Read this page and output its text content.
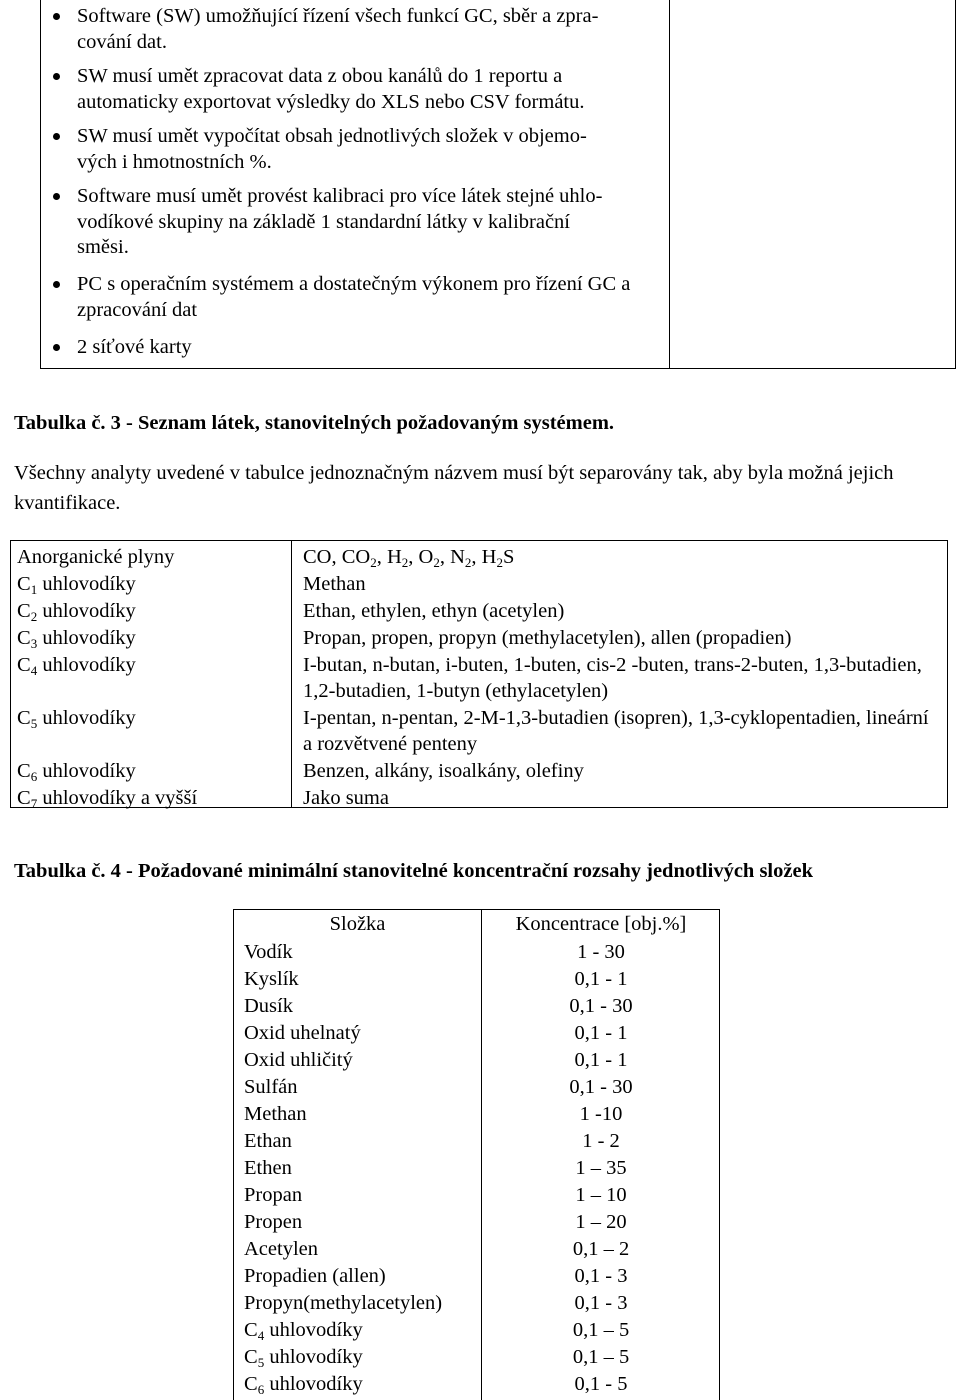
Software (SW) umožňující řízení všech funkcí GC, sběr a zpra-
cování dat.
SW musí umět zpracovat data z obou kanálů do 1 reportu a automaticky exportovat výsledky do XLS nebo CSV formátu.
SW musí umět vypočítat obsah jednotlivých složek v objemo-
vých i hmotnostních %.
Software musí umět provést kalibraci pro více látek stejné uhlo-
vodíkové skupiny na základě 1 standardní látky v kalibrační
směsi.
PC s operačním systémem a dostatečným výkonem pro řízení GC a zpracování dat
2 síťové karty
Tabulka č. 3 - Seznam látek, stanovitelných požadovaným systémem.
Všechny analyty uvedené v tabulce jednoznačným názvem musí být separovány tak, aby byla možná jejich kvantifikace.
Anorganické plyny	CO, $CO_2$, $H_2$, $O_2$, $N_2$, $H_2S$
$C_1$ uhlovodíky	Methan
$C_2$ uhlovodíky	Ethan, ethylen, ethyn (acetylen)
$C_3$ uhlovodíky	Propan, propen, propyn (methylacetylen), allen (propadien)
$C_4$ uhlovodíky	I-butan, n-butan, i-buten, 1-buten, cis-2 -buten, trans-2-buten, 1,3-butadien, 1,2-butadien, 1-butyn (ethylacetylen)
$C_5$ uhlovodíky	I-pentan, n-pentan, 2-M-1,3-butadien (isopren), 1,3-cyklopentadien, lineární a rozvětvené penteny
$C_6$ uhlovodíky	Benzen, alkány, isoalkány, olefiny
$C_7$ uhlovodíky a vyšší	Jako suma
Tabulka č. 4 - Požadované minimální stanovitelné koncentrační rozsahy jednotlivých složek
Složka	Koncentrace [obj.%]
Vodík	1 - 30
Kyslík	0,1 - 1
Dusík	0,1 - 30
Oxid uhelnatý	0,1 - 1
Oxid uhličitý	0,1 - 1
Sulfán	0,1 - 30
Methan	1 -10
Ethan	1 - 2
Ethen	1 – 35
Propan	1 – 10
Propen	1 – 20
Acetylen	0,1 – 2
Propadien (allen)	0,1 - 3
Propyn(methylacetylen)	0,1 - 3
$C_4$ uhlovodíky	0,1 – 5
$C_5$ uhlovodíky	0,1 – 5
$C_6$ uhlovodíky	0,1 - 5
